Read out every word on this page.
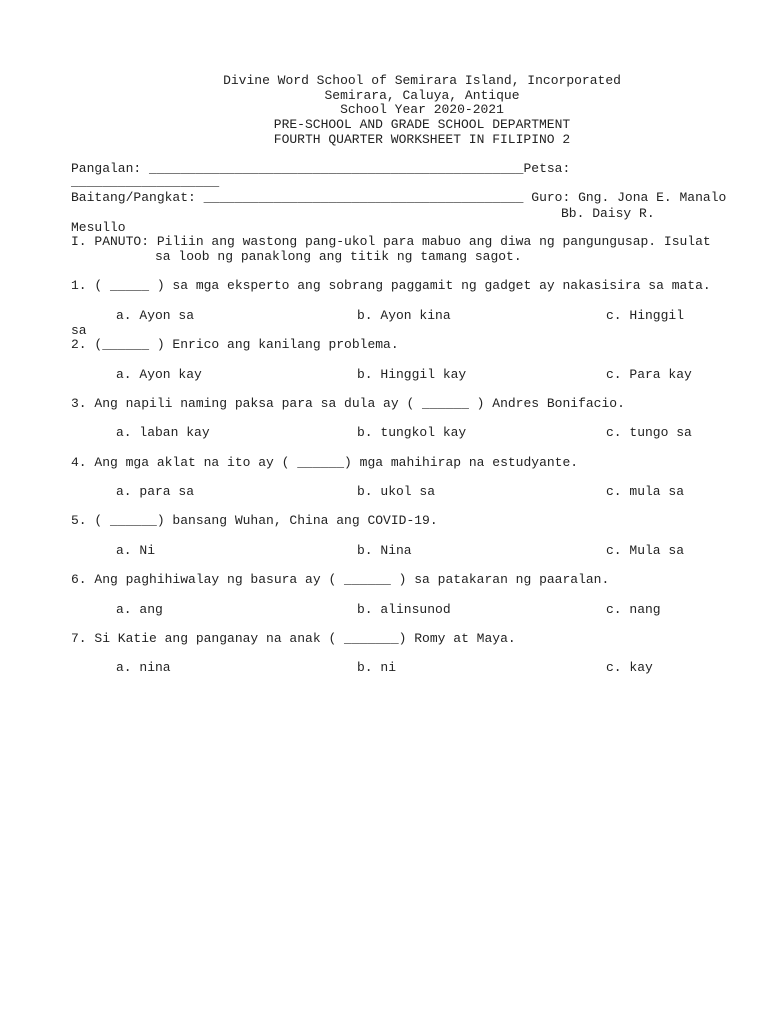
Divine Word School of Semirara Island, Incorporated
Semirara, Caluya, Antique
School Year 2020-2021
PRE-SCHOOL AND GRADE SCHOOL DEPARTMENT
FOURTH QUARTER WORKSHEET IN FILIPINO 2
Pangalan: ________________________________________________Petsa:
___________________
Baitang/Pangkat: _________________________________________ Guro: Gng. Jona E. Manalo
Bb. Daisy R.
Mesullo
I. PANUTO: Piliin ang wastong pang-ukol para mabuo ang diwa ng pangungusap. Isulat
sa loob ng panaklong ang titik ng tamang sagot.
1. ( _____ ) sa mga eksperto ang sobrang paggamit ng gadget ay nakasisira sa mata.
a. Ayon sa	b. Ayon kina	c. Hinggil
sa
2. (______ ) Enrico ang kanilang problema.
a. Ayon kay	b. Hinggil kay	c. Para kay
3. Ang napili naming paksa para sa dula ay ( ______ ) Andres Bonifacio.
a. laban kay	b. tungkol kay	c. tungo sa
4. Ang mga aklat na ito ay ( ______) mga mahihirap na estudyante.
a. para sa	b. ukol sa	c. mula sa
5. ( ______) bansang Wuhan, China ang COVID-19.
a. Ni	b. Nina	c. Mula sa
6. Ang paghihiwalay ng basura ay ( ______ ) sa patakaran ng paaralan.
a. ang	b. alinsunod	c. nang
7. Si Katie ang panganay na anak ( _______) Romy at Maya.
a. nina	b. ni	c. kay
